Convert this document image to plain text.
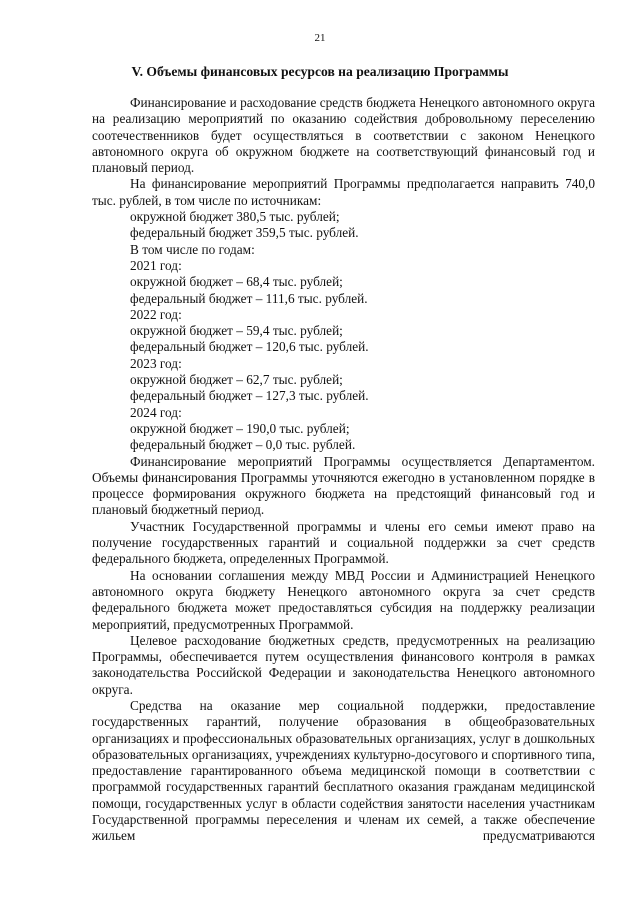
21
V. Объемы финансовых ресурсов на реализацию Программы

Финансирование и расходование средств бюджета Ненецкого автономного округа на реализацию мероприятий по оказанию содействия добровольному переселению соотечественников будет осуществляться в соответствии с законом Ненецкого автономного округа об окружном бюджете на соответствующий финансовый год и плановый период.

На финансирование мероприятий Программы предполагается направить 740,0 тыс. рублей, в том числе по источникам:

окружной бюджет 380,5 тыс. рублей;

федеральный бюджет 359,5 тыс. рублей.

В том числе по годам:

2021 год:

окружной бюджет – 68,4 тыс. рублей;

федеральный бюджет – 111,6 тыс. рублей.

2022 год:

окружной бюджет – 59,4 тыс. рублей;

федеральный бюджет – 120,6 тыс. рублей.

2023 год:

окружной бюджет – 62,7 тыс. рублей;

федеральный бюджет – 127,3 тыс. рублей.

2024 год:

окружной бюджет – 190,0 тыс. рублей;

федеральный бюджет – 0,0 тыс. рублей.

Финансирование мероприятий Программы осуществляется Департаментом. Объемы финансирования Программы уточняются ежегодно в установленном порядке в процессе формирования окружного бюджета на предстоящий финансовый год и плановый бюджетный период.

Участник Государственной программы и члены его семьи имеют право на получение государственных гарантий и социальной поддержки за счет средств федерального бюджета, определенных Программой.

На основании соглашения между МВД России и Администрацией Ненецкого автономного округа бюджету Ненецкого автономного округа за счет средств федерального бюджета может предоставляться субсидия на поддержку реализации мероприятий, предусмотренных Программой.

Целевое расходование бюджетных средств, предусмотренных на реализацию Программы, обеспечивается путем осуществления финансового контроля в рамках законодательства Российской Федерации и законодательства Ненецкого автономного округа.

Средства на оказание мер социальной поддержки, предоставление государственных гарантий, получение образования в общеобразовательных организациях и профессиональных образовательных организациях, услуг в дошкольных образовательных организациях, учреждениях культурно-досугового и спортивного типа, предоставление гарантированного объема медицинской помощи в соответствии с программой государственных гарантий бесплатного оказания гражданам медицинской помощи, государственных услуг в области содействия занятости населения участникам Государственной программы переселения и членам их семей, а также обеспечение жильем предусматриваются
